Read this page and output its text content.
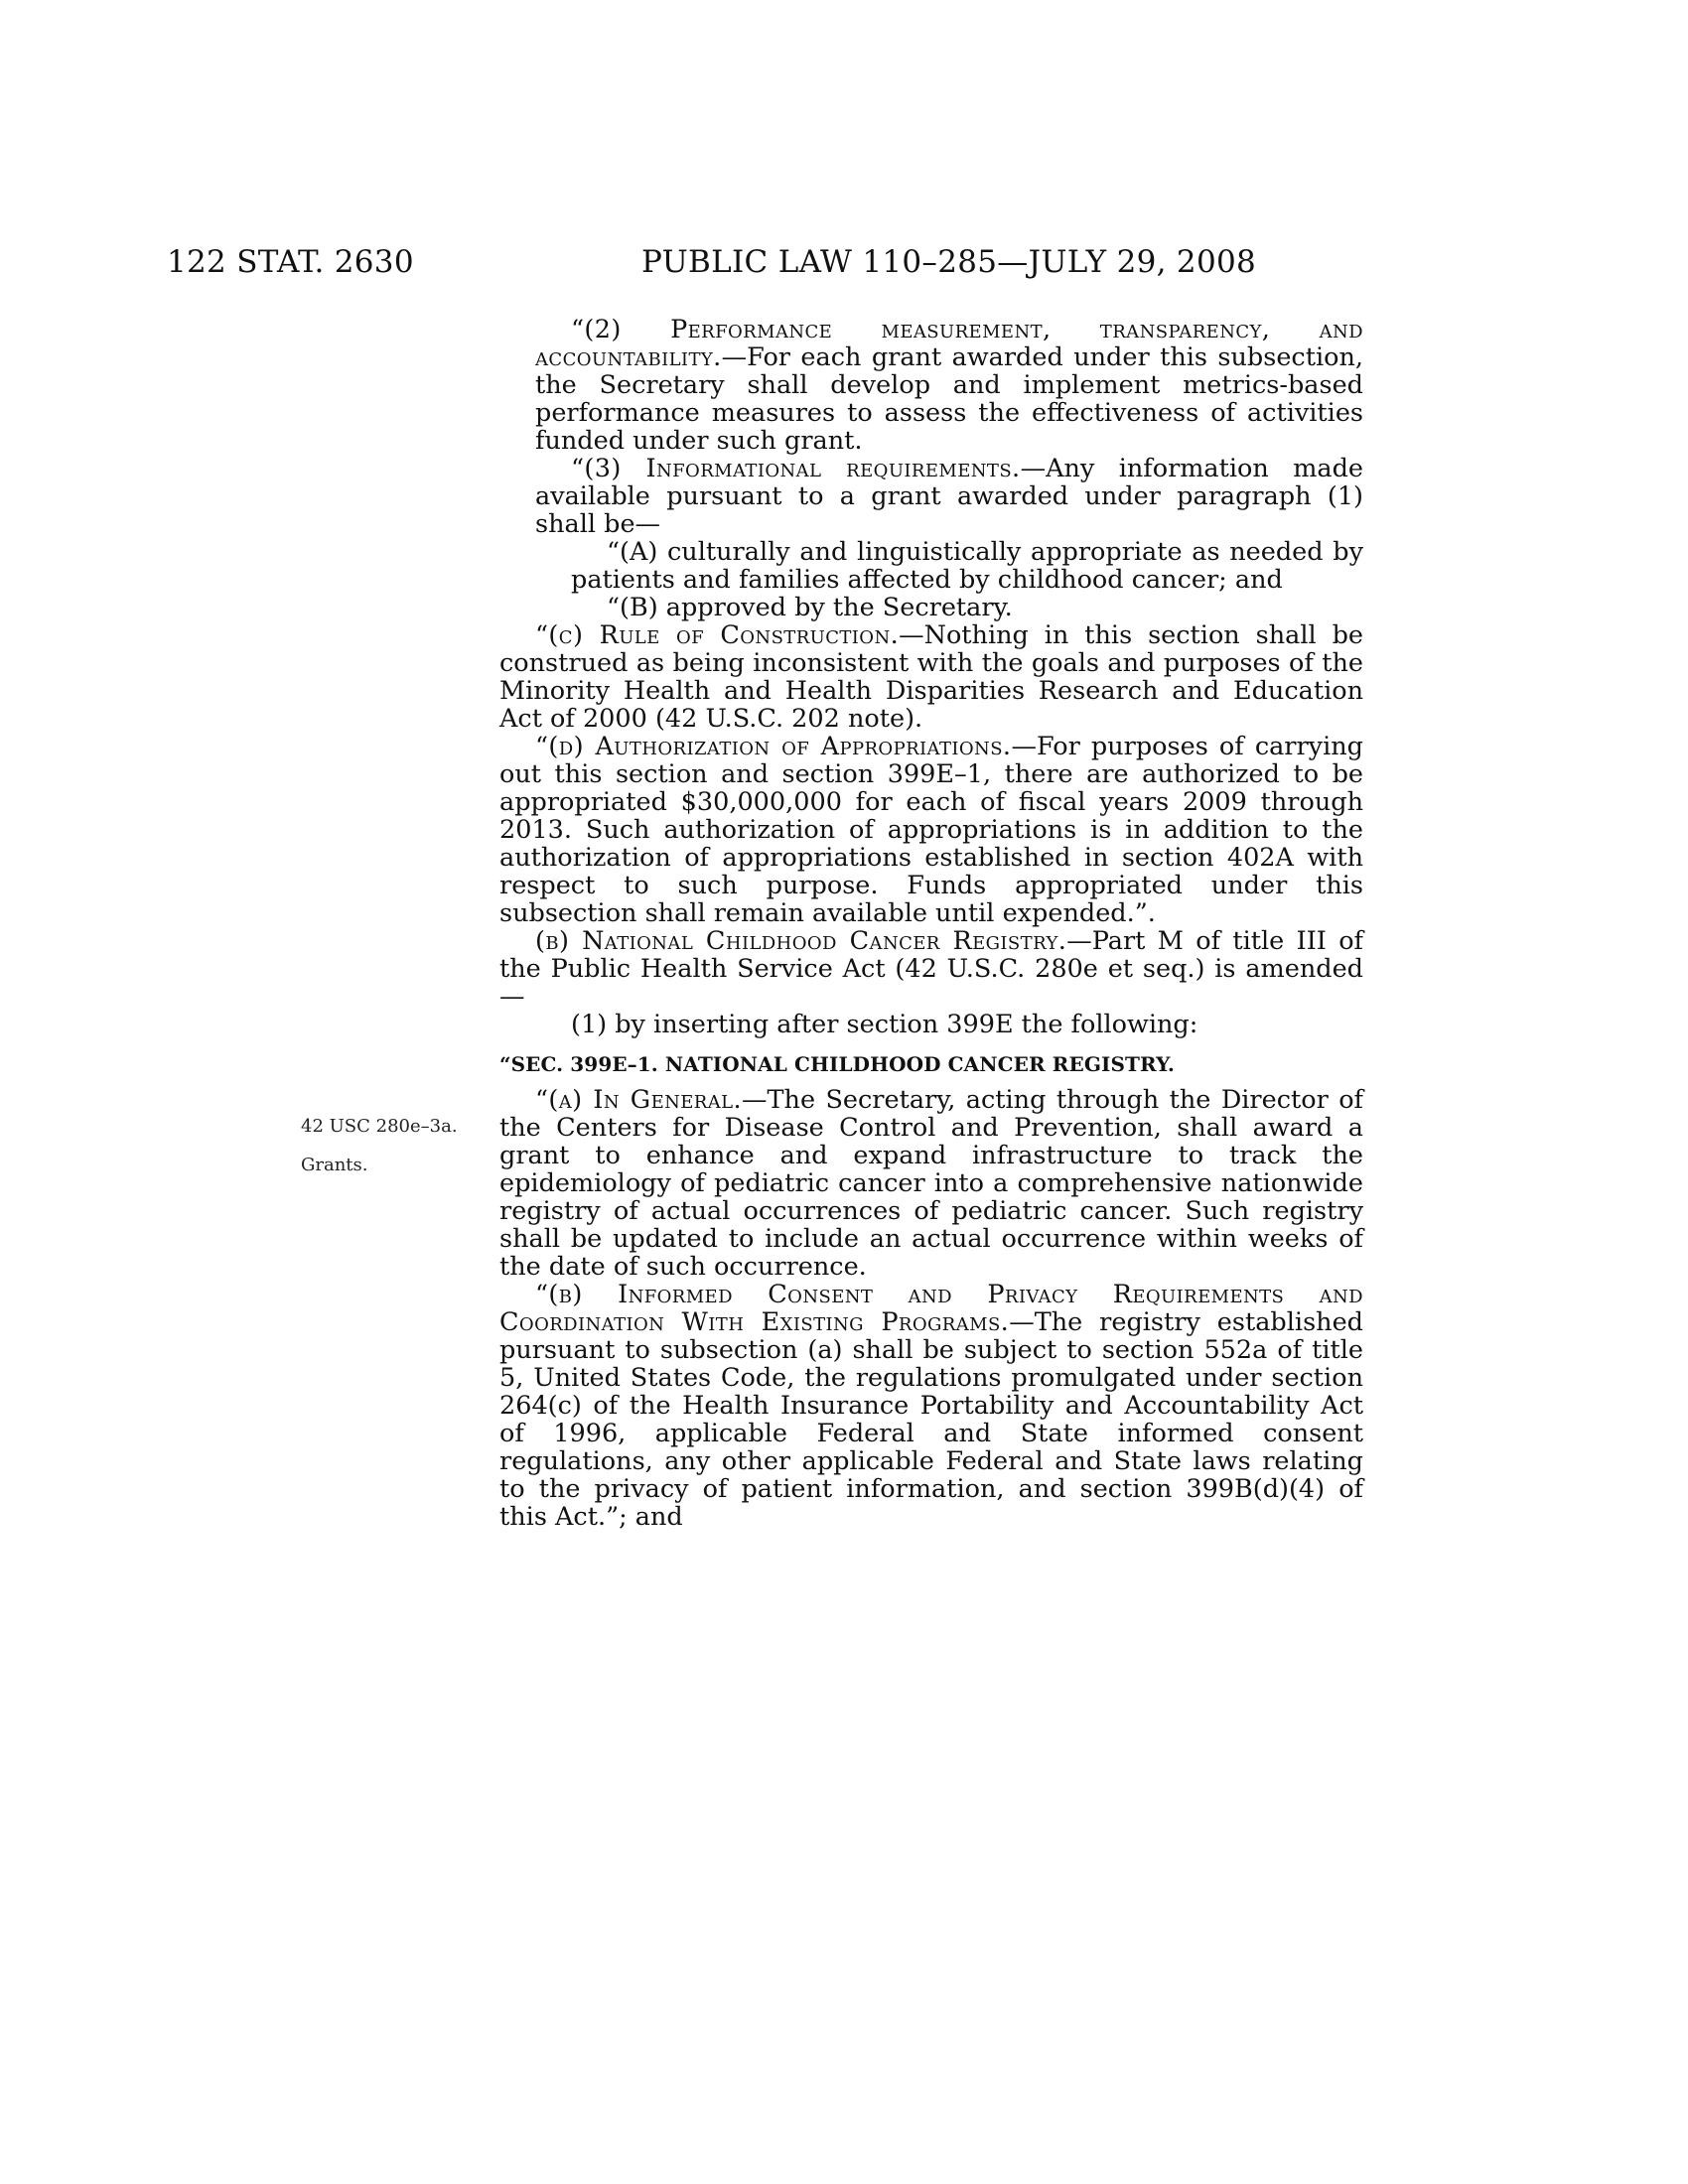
122 STAT. 2630	PUBLIC LAW 110–285—JULY 29, 2008
42 USC 280e–3a.
Grants.

“(2) Performance measurement, transparency, and accountability.—For each grant awarded under this subsection, the Secretary shall develop and implement metrics-based performance measures to assess the effectiveness of activities funded under such grant.

“(3) Informational requirements.—Any information made available pursuant to a grant awarded under paragraph (1) shall be—

“(A) culturally and linguistically appropriate as needed by patients and families affected by childhood cancer; and

“(B) approved by the Secretary.

“(c) Rule of Construction.—Nothing in this section shall be construed as being inconsistent with the goals and purposes of the Minority Health and Health Disparities Research and Education Act of 2000 (42 U.S.C. 202 note).

“(d) Authorization of Appropriations.—For purposes of carrying out this section and section 399E–1, there are authorized to be appropriated $30,000,000 for each of fiscal years 2009 through 2013. Such authorization of appropriations is in addition to the authorization of appropriations established in section 402A with respect to such purpose. Funds appropriated under this subsection shall remain available until expended.”.

(b) National Childhood Cancer Registry.—Part M of title III of the Public Health Service Act (42 U.S.C. 280e et seq.) is amended—

(1) by inserting after section 399E the following:

“SEC. 399E–1. NATIONAL CHILDHOOD CANCER REGISTRY.

“(a) In General.—The Secretary, acting through the Director of the Centers for Disease Control and Prevention, shall award a grant to enhance and expand infrastructure to track the epidemiology of pediatric cancer into a comprehensive nationwide registry of actual occurrences of pediatric cancer. Such registry shall be updated to include an actual occurrence within weeks of the date of such occurrence.

“(b) Informed Consent and Privacy Requirements and Coordination With Existing Programs.—The registry established pursuant to subsection (a) shall be subject to section 552a of title 5, United States Code, the regulations promulgated under section 264(c) of the Health Insurance Portability and Accountability Act of 1996, applicable Federal and State informed consent regulations, any other applicable Federal and State laws relating to the privacy of patient information, and section 399B(d)(4) of this Act.”; and
